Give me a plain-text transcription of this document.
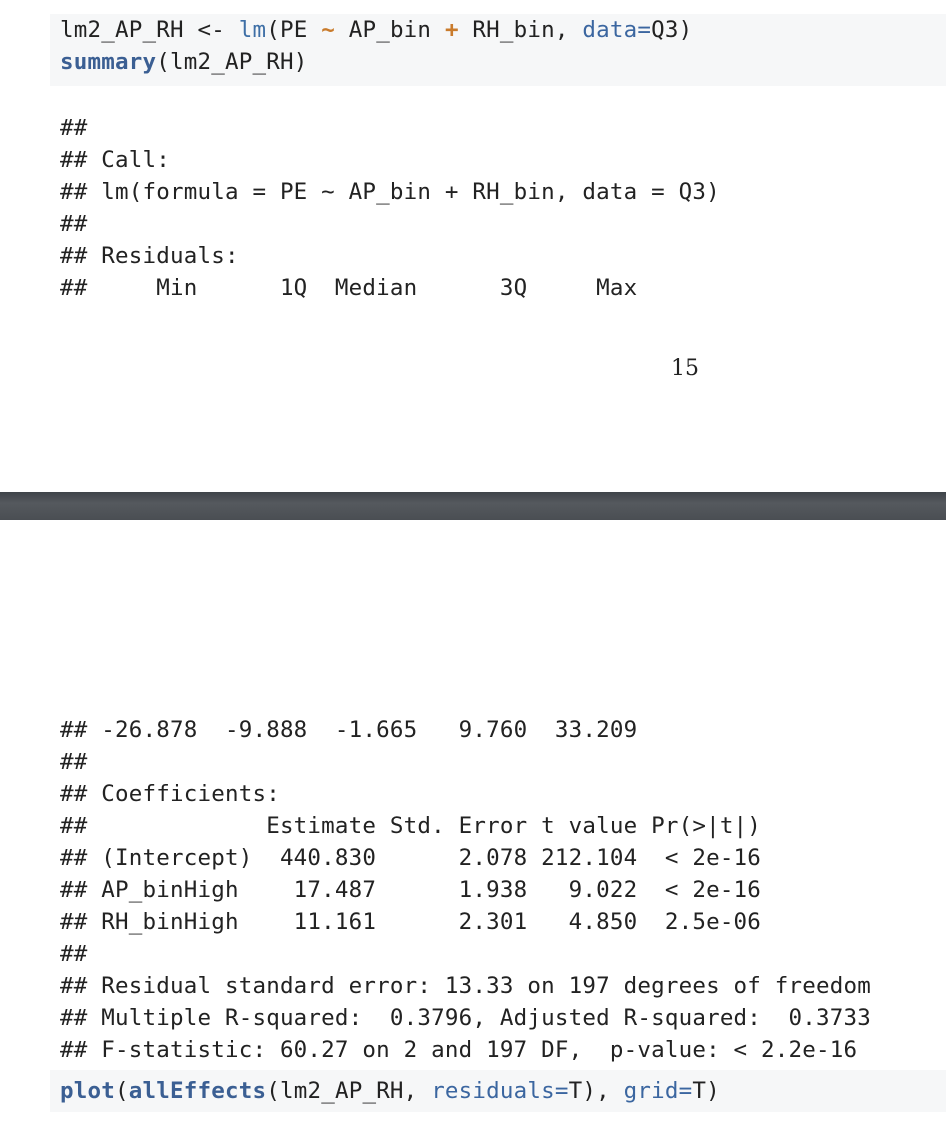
lm2_AP_RH <- lm(PE ~ AP_bin + RH_bin, data=Q3)
summary(lm2_AP_RH)
##
## Call:
## lm(formula = PE ~ AP_bin + RH_bin, data = Q3)
##
## Residuals:
##     Min      1Q  Median      3Q     Max
15
## -26.878  -9.888  -1.665   9.760  33.209
##
## Coefficients:
##             Estimate Std. Error t value Pr(>|t|)
## (Intercept)  440.830      2.078 212.104  < 2e-16
## AP_binHigh    17.487      1.938   9.022  < 2e-16
## RH_binHigh    11.161      2.301   4.850  2.5e-06
##
## Residual standard error: 13.33 on 197 degrees of freedom
## Multiple R-squared:  0.3796, Adjusted R-squared:  0.3733
## F-statistic: 60.27 on 2 and 197 DF,  p-value: < 2.2e-16
plot(allEffects(lm2_AP_RH, residuals=T), grid=T)
